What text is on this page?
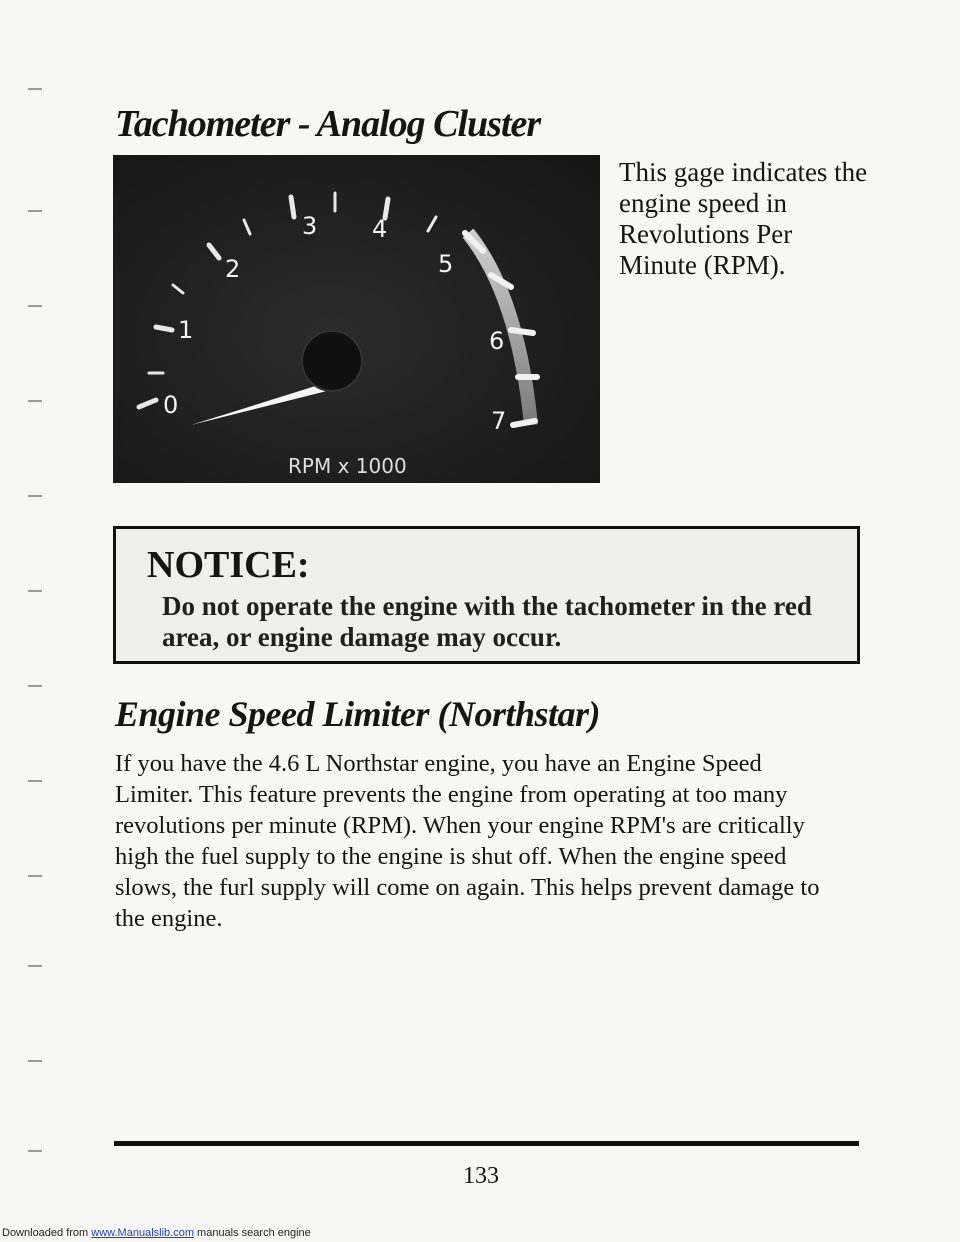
Tachometer - Analog Cluster
0
1
2
3 4
5
6
7
RPM x 1000

This gage indicates the engine speed in Revolutions Per Minute (RPM).

NOTICE:

Do not operate the engine with the tachometer in the red area, or engine damage may occur.

Engine Speed Limiter (Northstar)

If you have the 4.6 L Northstar engine, you have an Engine Speed Limiter. This feature prevents the engine from operating at too many revolutions per minute (RPM). When your engine RPM's are critically high the fuel supply to the engine is shut off. When the engine speed slows, the furl supply will come on again. This helps prevent damage to the engine.

133

Downloaded from www.Manualslib.com manuals search engine
